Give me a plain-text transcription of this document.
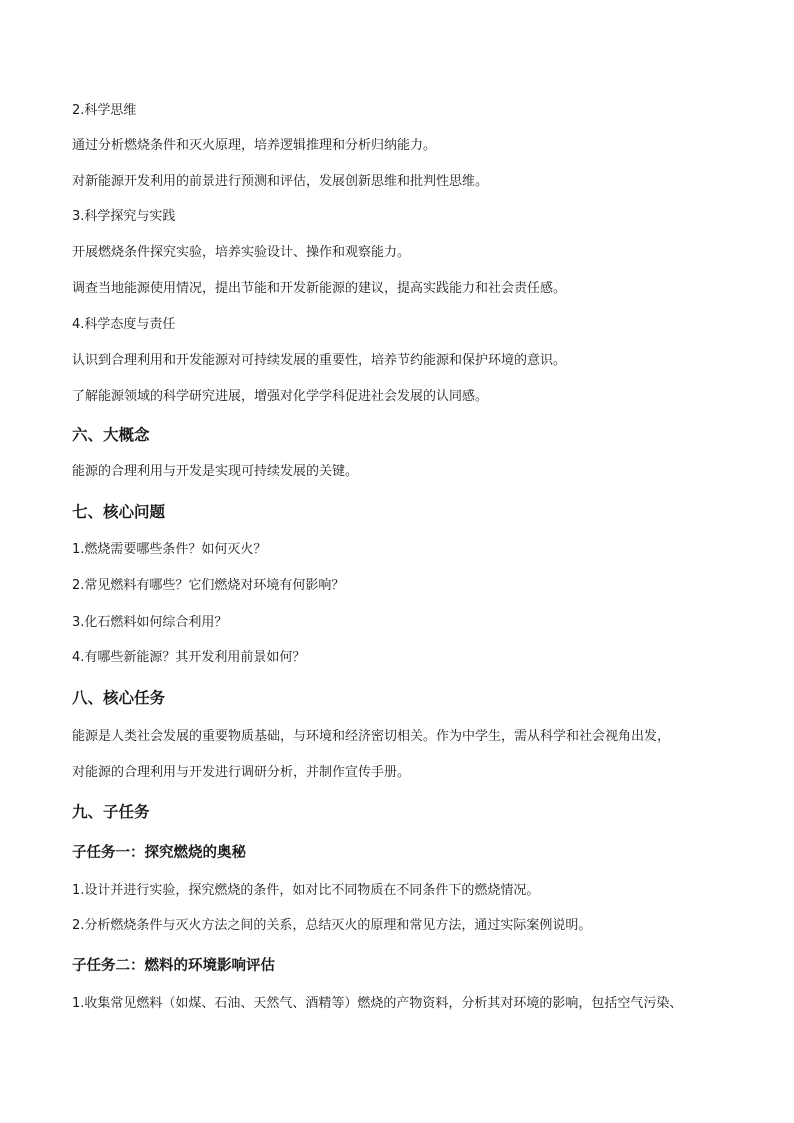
2.科学思维
通过分析燃烧条件和灭火原理，培养逻辑推理和分析归纳能力。
对新能源开发利用的前景进行预测和评估，发展创新思维和批判性思维。
3.科学探究与实践
开展燃烧条件探究实验，培养实验设计、操作和观察能力。
调查当地能源使用情况，提出节能和开发新能源的建议，提高实践能力和社会责任感。
4.科学态度与责任
认识到合理利用和开发能源对可持续发展的重要性，培养节约能源和保护环境的意识。
了解能源领域的科学研究进展，增强对化学学科促进社会发展的认同感。
六、大概念
能源的合理利用与开发是实现可持续发展的关键。
七、核心问题
1.燃烧需要哪些条件？如何灭火？
2.常见燃料有哪些？它们燃烧对环境有何影响？
3.化石燃料如何综合利用？
4.有哪些新能源？其开发利用前景如何？
八、核心任务
能源是人类社会发展的重要物质基础，与环境和经济密切相关。作为中学生，需从科学和社会视角出发，
对能源的合理利用与开发进行调研分析，并制作宣传手册。
九、子任务
子任务一：探究燃烧的奥秘
1.设计并进行实验，探究燃烧的条件，如对比不同物质在不同条件下的燃烧情况。
2.分析燃烧条件与灭火方法之间的关系，总结灭火的原理和常见方法，通过实际案例说明。
子任务二：燃料的环境影响评估
1.收集常见燃料（如煤、石油、天然气、酒精等）燃烧的产物资料，分析其对环境的影响，包括空气污染、
